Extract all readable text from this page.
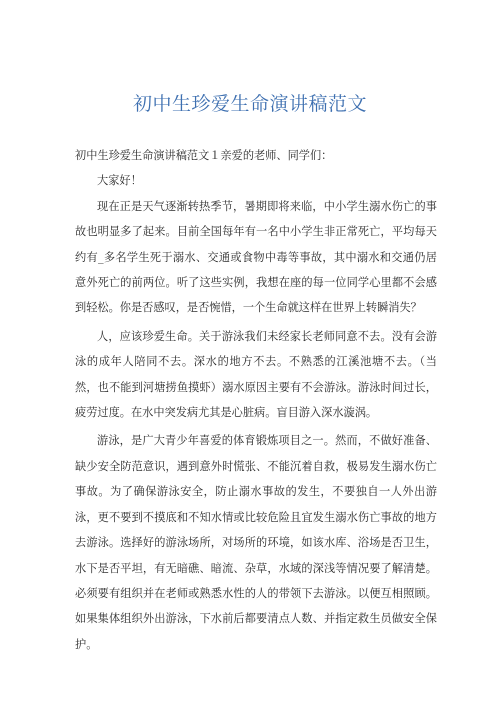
初中生珍爱生命演讲稿范文

初中生珍爱生命演讲稿范文１亲爱的老师、同学们：

大家好！

现在正是天气逐渐转热季节，暑期即将来临，中小学生溺水伤亡的事故也明显多了起来。目前全国每年有一名中小学生非正常死亡，平均每天约有_多名学生死于溺水、交通或食物中毒等事故，其中溺水和交通仍居意外死亡的前两位。听了这些实例，我想在座的每一位同学心里都不会感到轻松。你是否感叹，是否惋惜，一个生命就这样在世界上转瞬消失？

人，应该珍爱生命。关于游泳我们未经家长老师同意不去。没有会游泳的成年人陪同不去。深水的地方不去。不熟悉的江溪池塘不去。（当然，也不能到河塘捞鱼摸虾）溺水原因主要有不会游泳。游泳时间过长，疲劳过度。在水中突发病尤其是心脏病。盲目游入深水漩涡。

游泳，是广大青少年喜爱的体育锻炼项目之一。然而，不做好准备、缺少安全防范意识，遇到意外时慌张、不能沉着自救，极易发生溺水伤亡事故。为了确保游泳安全，防止溺水事故的发生，不要独自一人外出游泳，更不要到不摸底和不知水情或比较危险且宜发生溺水伤亡事故的地方去游泳。选择好的游泳场所，对场所的环境，如该水库、浴场是否卫生，水下是否平坦，有无暗礁、暗流、杂草，水域的深浅等情况要了解清楚。必须要有组织并在老师或熟悉水性的人的带领下去游泳。以便互相照顾。如果集体组织外出游泳，下水前后都要清点人数、并指定救生员做安全保护。
